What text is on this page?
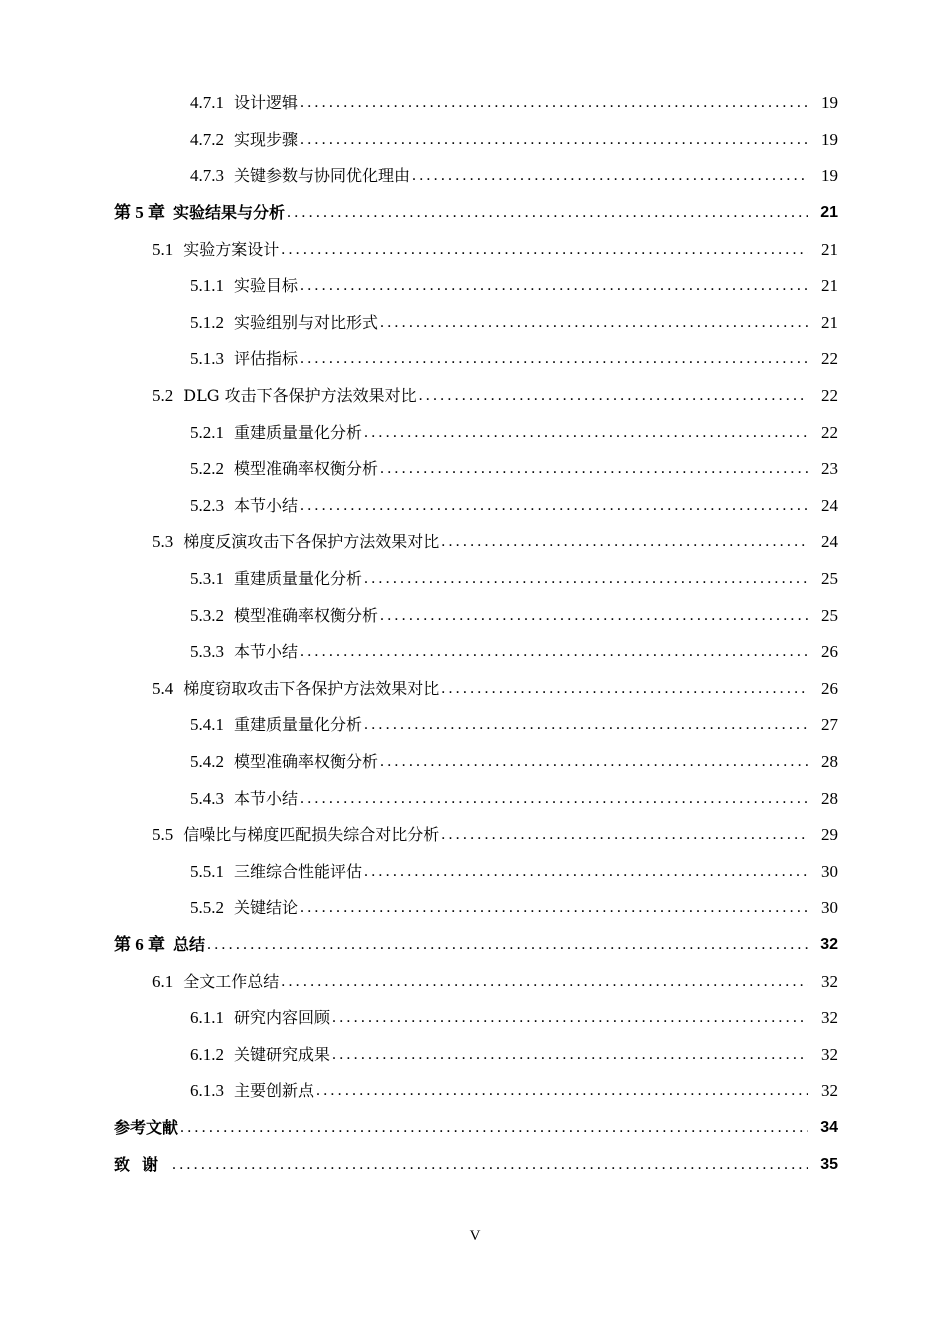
4.7.1 设计逻辑 .....	19
4.7.2 实现步骤 .....	19
4.7.3 关键参数与协同优化理由 .....	19
第 5 章 实验结果与分析 .....	21
5.1 实验方案设计 .....	21
5.1.1 实验目标 .....	21
5.1.2 实验组别与对比形式 .....	21
5.1.3 评估指标 .....	22
5.2 DLG 攻击下各保护方法效果对比 .....	22
5.2.1 重建质量量化分析 .....	22
5.2.2 模型准确率权衡分析 .....	23
5.2.3 本节小结 .....	24
5.3 梯度反演攻击下各保护方法效果对比 .....	24
5.3.1 重建质量量化分析 .....	25
5.3.2 模型准确率权衡分析 .....	25
5.3.3 本节小结 .....	26
5.4 梯度窃取攻击下各保护方法效果对比 .....	26
5.4.1 重建质量量化分析 .....	27
5.4.2 模型准确率权衡分析 .....	28
5.4.3 本节小结 .....	28
5.5 信噪比与梯度匹配损失综合对比分析 .....	29
5.5.1 三维综合性能评估 .....	30
5.5.2 关键结论 .....	30
第 6 章 总结 .....	32
6.1 全文工作总结 .....	32
6.1.1 研究内容回顾 .....	32
6.1.2 关键研究成果 .....	32
6.1.3 主要创新点 .....	32
参考文献 .....	34
致谢 .....	35
V
